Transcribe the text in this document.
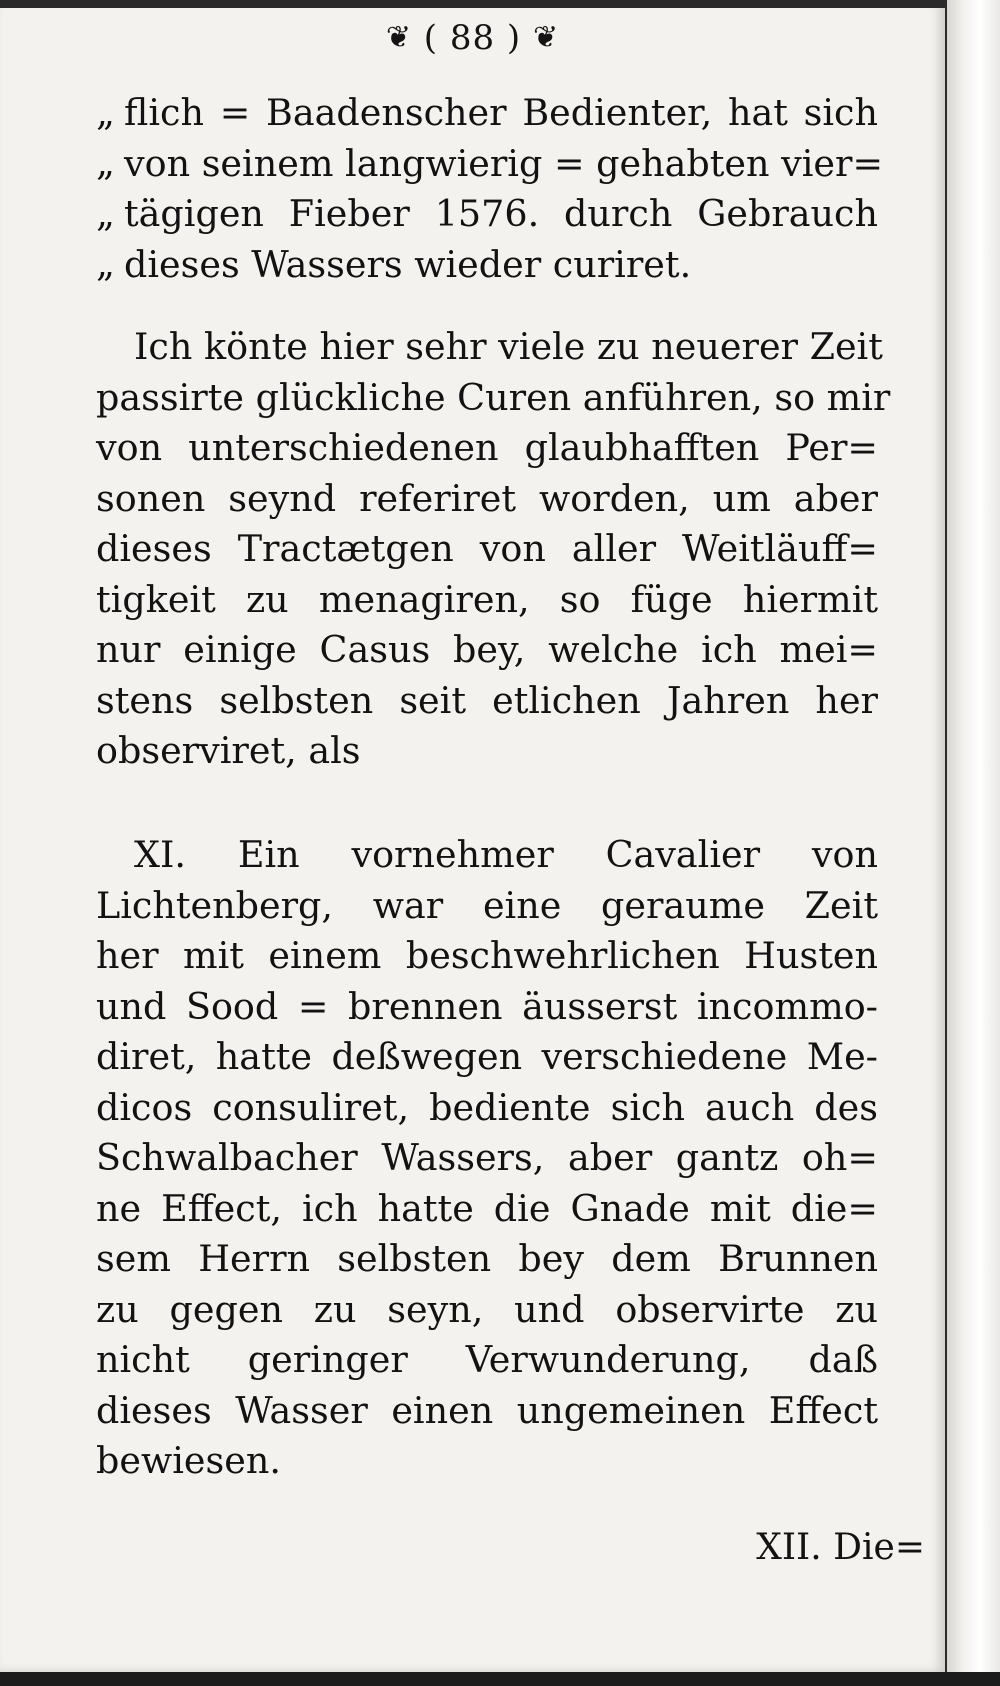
❦ ( 88 ) ❦
„
„
„
„
flich = Baadenscher Bedienter, hat sich
von seinem langwierig = gehabten vier=
tägigen Fieber 1576. durch Gebrauch
dieses Wassers wieder curiret.
Ich könte hier sehr viele zu neuerer Zeit
passirte glückliche Curen anführen, so mir
von unterschiedenen glaubhafften Per=
sonen seynd referiret worden, um aber
dieses Tractætgen von aller Weitläuff=
tigkeit zu menagiren, so füge hiermit
nur einige Casus bey, welche ich mei=
stens selbsten seit etlichen Jahren her
observiret, als
XI. Ein vornehmer Cavalier von
Lichtenberg, war eine geraume Zeit
her mit einem beschwehrlichen Husten
und Sood = brennen äusserst incommo-
diret, hatte deßwegen verschiedene Me-
dicos consuliret, bediente sich auch des
Schwalbacher Wassers, aber gantz oh=
ne Effect, ich hatte die Gnade mit die=
sem Herrn selbsten bey dem Brunnen
zu gegen zu seyn, und observirte zu
nicht geringer Verwunderung, daß
dieses Wasser einen ungemeinen Effect
bewiesen.
XII. Die=
